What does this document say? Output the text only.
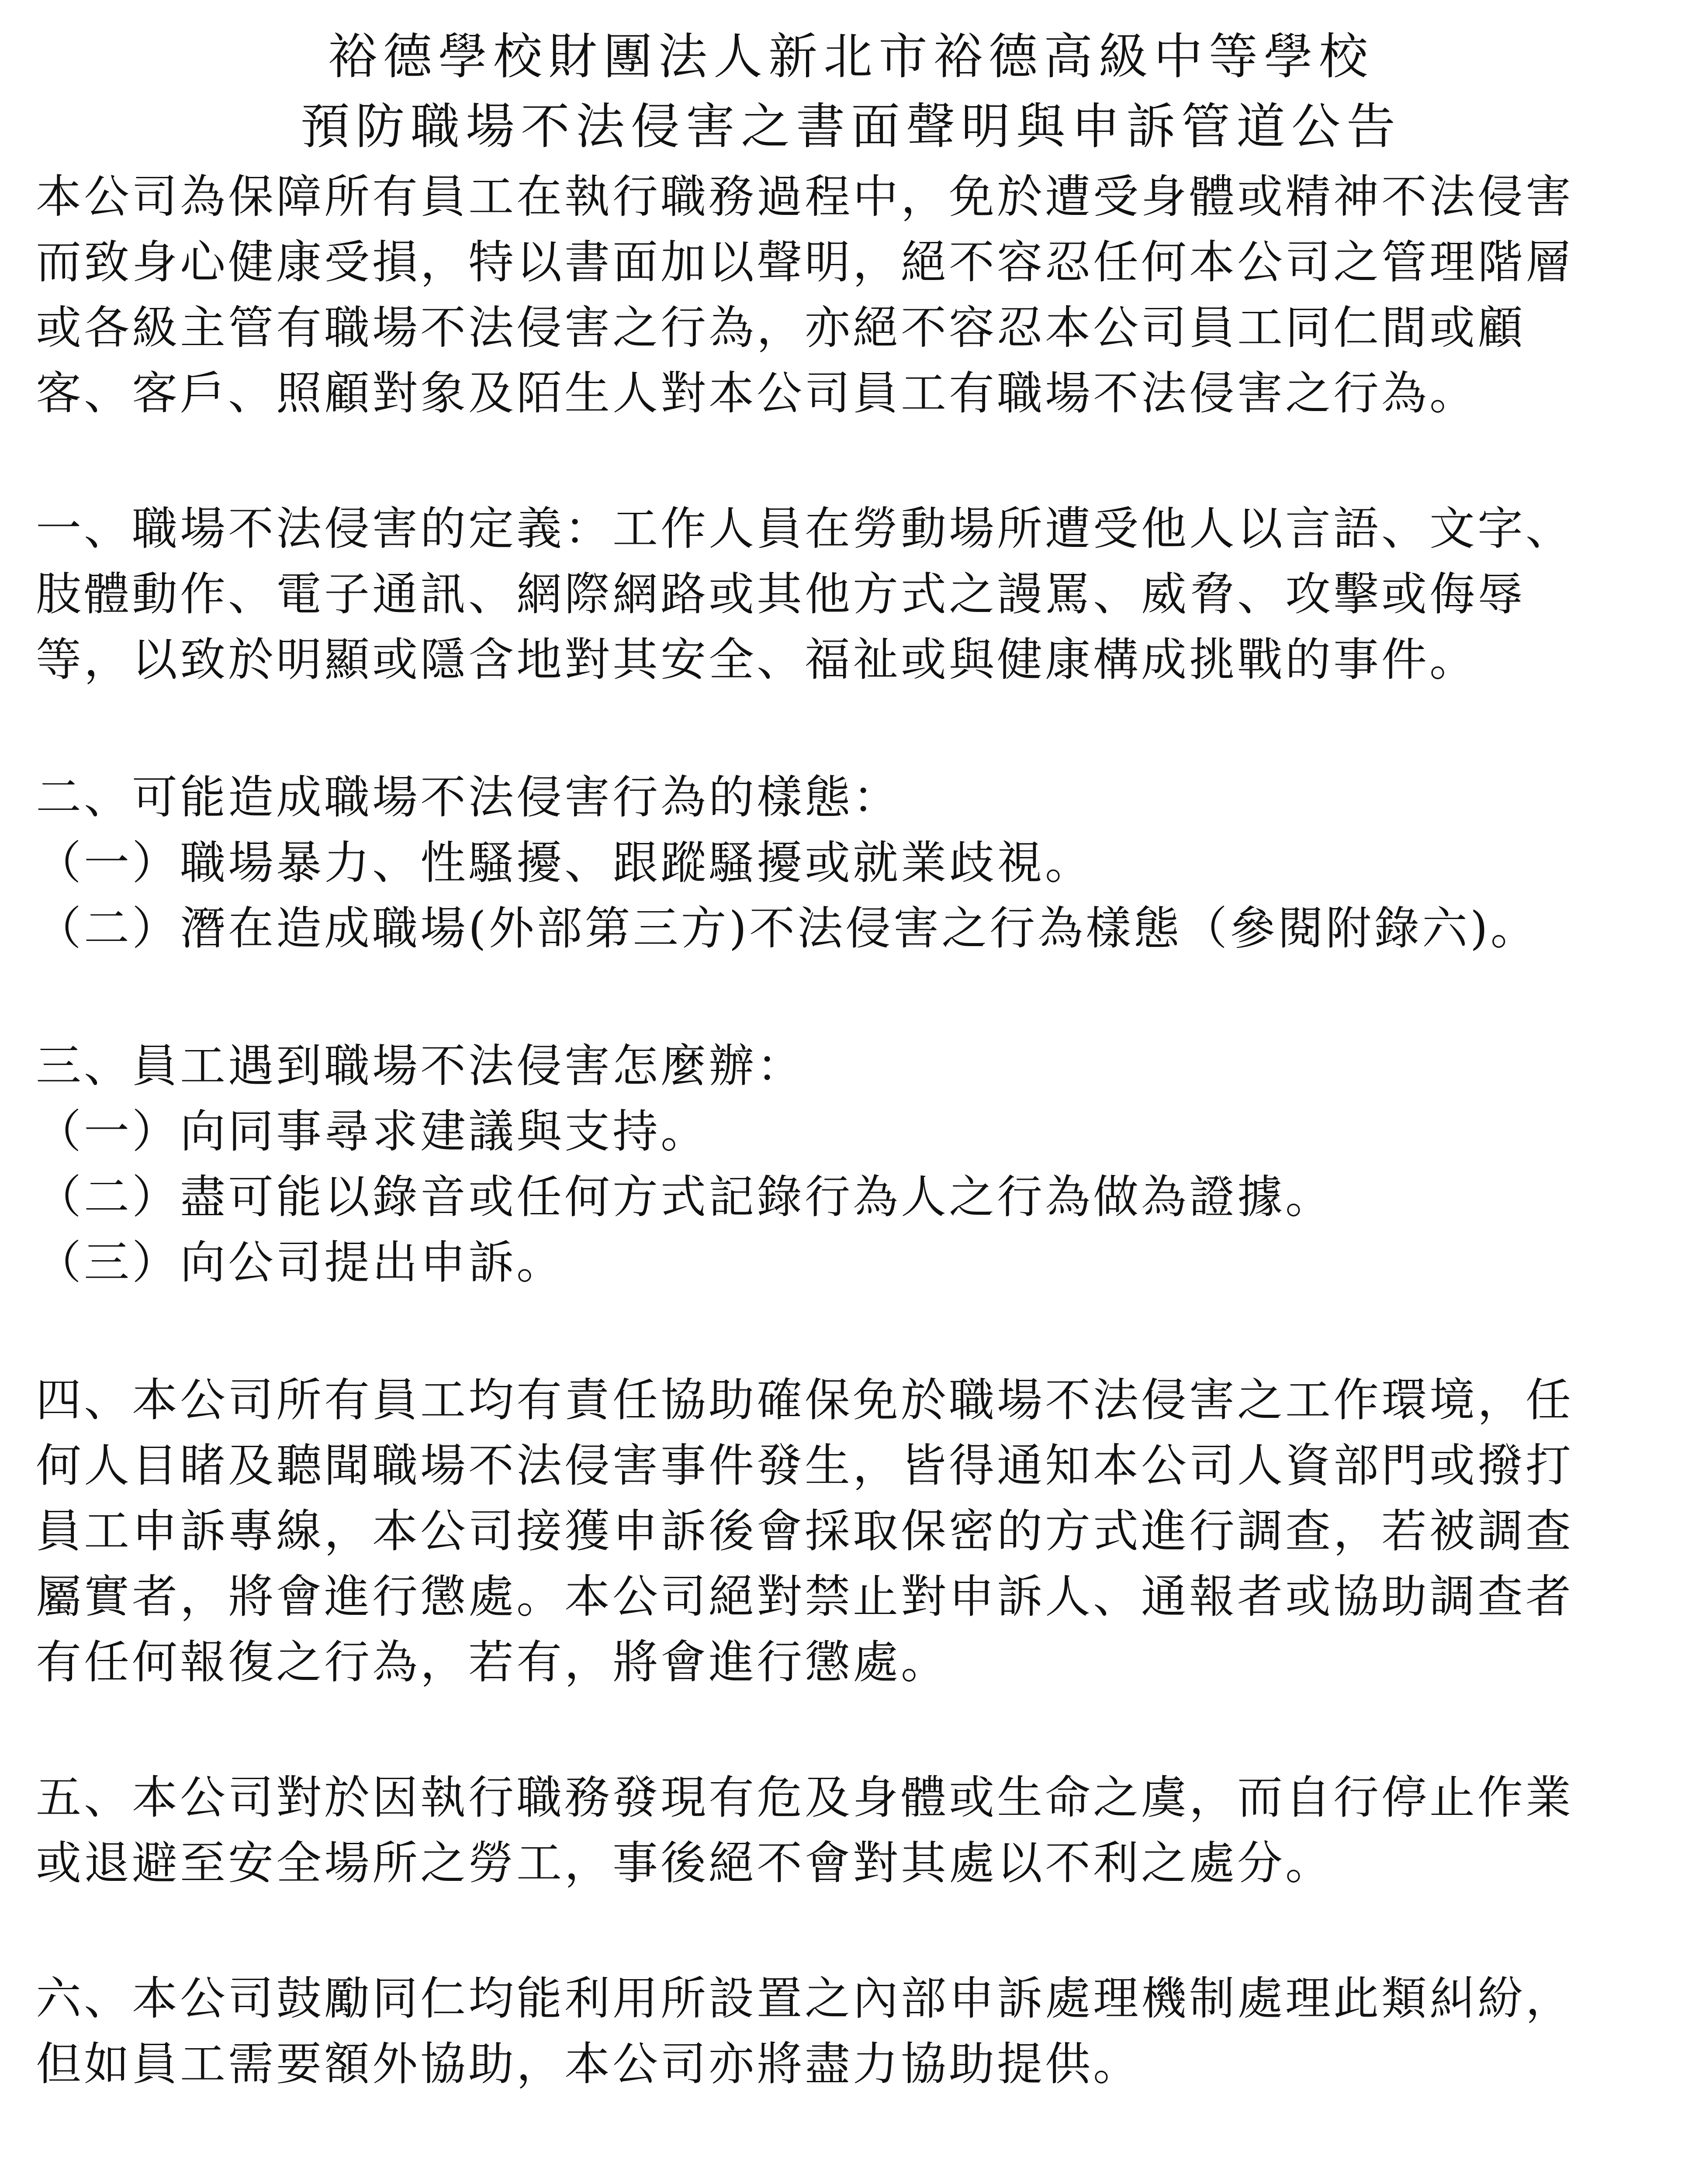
裕德學校財團法人新北市裕德高級中等學校
預防職場不法侵害之書面聲明與申訴管道公告
本公司為保障所有員工在執行職務過程中，免於遭受身體或精神不法侵害
而致身心健康受損，特以書面加以聲明，絕不容忍任何本公司之管理階層
或各級主管有職場不法侵害之行為，亦絕不容忍本公司員工同仁間或顧
客、客戶、照顧對象及陌生人對本公司員工有職場不法侵害之行為。
一、職場不法侵害的定義：工作人員在勞動場所遭受他人以言語、文字、
肢體動作、電子通訊、網際網路或其他方式之謾罵、威脅、攻擊或侮辱
等，以致於明顯或隱含地對其安全、福祉或與健康構成挑戰的事件。
二、可能造成職場不法侵害行為的樣態：
（一）職場暴力、性騷擾、跟蹤騷擾或就業歧視。
（二）潛在造成職場(外部第三方)不法侵害之行為樣態（參閱附錄六)。
三、員工遇到職場不法侵害怎麼辦：
（一）向同事尋求建議與支持。
（二）盡可能以錄音或任何方式記錄行為人之行為做為證據。
（三）向公司提出申訴。
四、本公司所有員工均有責任協助確保免於職場不法侵害之工作環境，任
何人目睹及聽聞職場不法侵害事件發生，皆得通知本公司人資部門或撥打
員工申訴專線，本公司接獲申訴後會採取保密的方式進行調查，若被調查
屬實者，將會進行懲處。本公司絕對禁止對申訴人、通報者或協助調查者
有任何報復之行為，若有，將會進行懲處。
五、本公司對於因執行職務發現有危及身體或生命之虞，而自行停止作業
或退避至安全場所之勞工，事後絕不會對其處以不利之處分。
六、本公司鼓勵同仁均能利用所設置之內部申訴處理機制處理此類糾紛，
但如員工需要額外協助，本公司亦將盡力協助提供。
